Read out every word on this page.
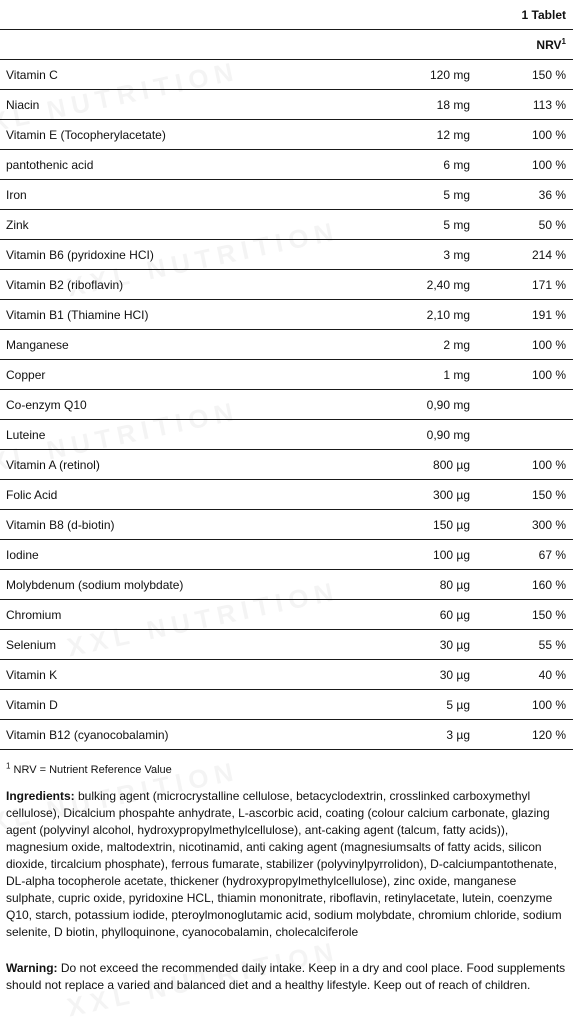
		1 Tablet
		NRV$^1$
Vitamin C	120 mg	150 %
Niacin	18 mg	113 %
Vitamin E (Tocopherylacetate)	12 mg	100 %
pantothenic acid	6 mg	100 %
Iron	5 mg	36 %
Zink	5 mg	50 %
Vitamin B6 (pyridoxine HCI)	3 mg	214 %
Vitamin B2 (riboflavin)	2,40 mg	171 %
Vitamin B1 (Thiamine HCI)	2,10 mg	191 %
Manganese	2 mg	100 %
Copper	1 mg	100 %
Co-enzym Q10	0,90 mg	
Luteine	0,90 mg	
Vitamin A (retinol)	800 µg	100 %
Folic Acid	300 µg	150 %
Vitamin B8 (d-biotin)	150 µg	300 %
Iodine	100 µg	67 %
Molybdenum (sodium molybdate)	80 µg	160 %
Chromium	60 µg	150 %
Selenium	30 µg	55 %
Vitamin K	30 µg	40 %
Vitamin D	5 µg	100 %
Vitamin B12 (cyanocobalamin)	3 µg	120 %
$^1$ NRV = Nutrient Reference Value
Ingredients: bulking agent (microcrystalline cellulose, betacyclodextrin, crosslinked carboxymethyl cellulose), Dicalcium phospahte anhydrate, L-ascorbic acid, coating (colour calcium carbonate, glazing agent (polyvinyl alcohol, hydroxypropylmethylcellulose), ant-caking agent (talcum, fatty acids)), magnesium oxide, maltodextrin, nicotinamid, anti caking agent (magnesiumsalts of fatty acids, silicon dioxide, tircalcium phosphate), ferrous fumarate, stabilizer (polyvinylpyrrolidon), D-calciumpantothenate, DL-alpha tocopherole acetate, thickener (hydroxypropylmethylcellulose), zinc oxide, manganese sulphate, cupric oxide, pyridoxine HCL, thiamin mononitrate, riboflavin, retinylacetate, lutein, coenzyme Q10, starch, potassium iodide, pteroylmonoglutamic acid, sodium molybdate, chromium chloride, sodium selenite, D biotin, phylloquinone, cyanocobalamin, cholecalciferole
Warning: Do not exceed the recommended daily intake. Keep in a dry and cool place. Food supplements should not replace a varied and balanced diet and a healthy lifestyle. Keep out of reach of children.
